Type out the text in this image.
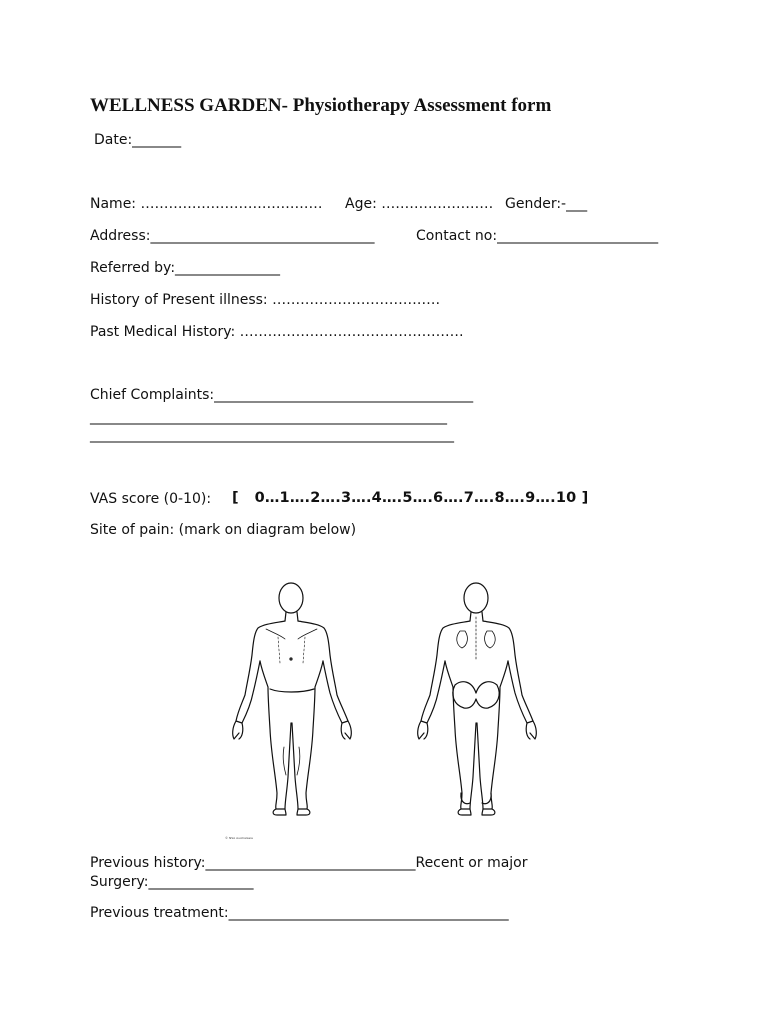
WELLNESS GARDEN- Physiotherapy Assessment form
Date:_______
Name: ………………………………… Age: …………………… Gender:-___
Address:________________________________	Contact no:_______________________
Referred by:_______________
History of Present illness: ………………………………
Past Medical History: …………………………………………
Chief Complaints:_____________________________________
___________________________________________________
____________________________________________________
VAS score (0-10): [   0…1….2….3….4….5….6….7….8….9….10 ]
Site of pain: (mark on diagram below)
© NSA Australasia
Previous history:______________________________Recent or major
Surgery:_______________
Previous treatment:________________________________________
